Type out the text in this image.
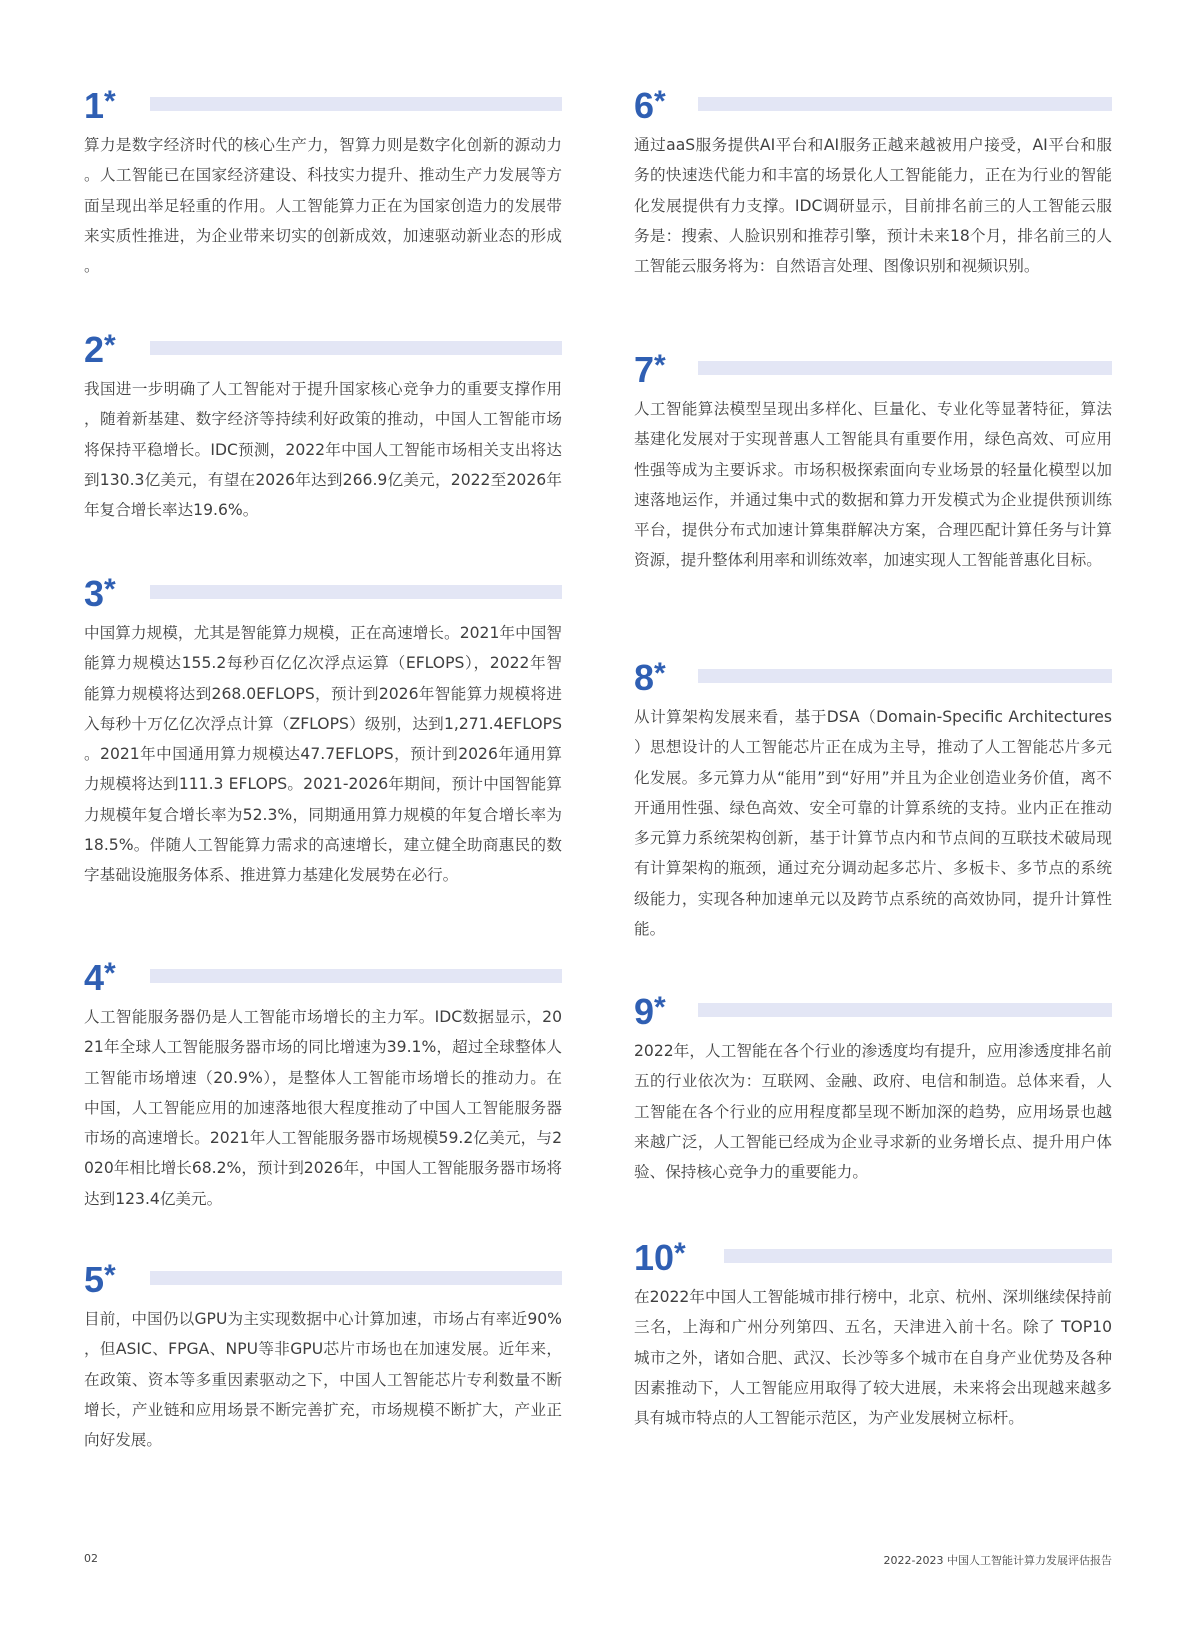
1*

算力是数字经济时代的核心生产力，智算力则是数字化创新的源动力。人工智能已在国家经济建设、科技实力提升、推动生产力发展等方面呈现出举足轻重的作用。人工智能算力正在为国家创造力的发展带来实质性推进，为企业带来切实的创新成效，加速驱动新业态的形成。

2*

我国进一步明确了人工智能对于提升国家核心竞争力的重要支撑作用，随着新基建、数字经济等持续利好政策的推动，中国人工智能市场将保持平稳增长。IDC预测，2022年中国人工智能市场相关支出将达到130.3亿美元，有望在2026年达到266.9亿美元，2022至2026年年复合增长率达19.6%。

3*

中国算力规模，尤其是智能算力规模，正在高速增长。2021年中国智能算力规模达155.2每秒百亿亿次浮点运算（EFLOPS），2022年智能算力规模将达到268.0EFLOPS，预计到2026年智能算力规模将进入每秒十万亿亿次浮点计算（ZFLOPS）级别，达到1,271.4EFLOPS。2021年中国通用算力规模达47.7EFLOPS，预计到2026年通用算力规模将达到111.3 EFLOPS。2021-2026年期间，预计中国智能算力规模年复合增长率为52.3%，同期通用算力规模的年复合增长率为18.5%。伴随人工智能算力需求的高速增长，建立健全助商惠民的数字基础设施服务体系、推进算力基建化发展势在必行。

4*

人工智能服务器仍是人工智能市场增长的主力军。IDC数据显示，2021年全球人工智能服务器市场的同比增速为39.1%，超过全球整体人工智能市场增速（20.9%），是整体人工智能市场增长的推动力。在中国，人工智能应用的加速落地很大程度推动了中国人工智能服务器市场的高速增长。2021年人工智能服务器市场规模59.2亿美元，与2020年相比增长68.2%，预计到2026年，中国人工智能服务器市场将达到123.4亿美元。

5*

目前，中国仍以GPU为主实现数据中心计算加速，市场占有率近90%，但ASIC、FPGA、NPU等非GPU芯片市场也在加速发展。近年来，在政策、资本等多重因素驱动之下，中国人工智能芯片专利数量不断增长，产业链和应用场景不断完善扩充，市场规模不断扩大，产业正向好发展。

6*

通过aaS服务提供AI平台和AI服务正越来越被用户接受，AI平台和服务的快速迭代能力和丰富的场景化人工智能能力，正在为行业的智能化发展提供有力支撑。IDC调研显示，目前排名前三的人工智能云服务是：搜索、人脸识别和推荐引擎，预计未来18个月，排名前三的人工智能云服务将为：自然语言处理、图像识别和视频识别。

7*

人工智能算法模型呈现出多样化、巨量化、专业化等显著特征，算法基建化发展对于实现普惠人工智能具有重要作用，绿色高效、可应用性强等成为主要诉求。市场积极探索面向专业场景的轻量化模型以加速落地运作，并通过集中式的数据和算力开发模式为企业提供预训练平台，提供分布式加速计算集群解决方案，合理匹配计算任务与计算资源，提升整体利用率和训练效率，加速实现人工智能普惠化目标。

8*

从计算架构发展来看，基于DSA（Domain-Specific Architectures）思想设计的人工智能芯片正在成为主导，推动了人工智能芯片多元化发展。多元算力从“能用”到“好用”并且为企业创造业务价值，离不开通用性强、绿色高效、安全可靠的计算系统的支持。业内正在推动多元算力系统架构创新，基于计算节点内和节点间的互联技术破局现有计算架构的瓶颈，通过充分调动起多芯片、多板卡、多节点的系统级能力，实现各种加速单元以及跨节点系统的高效协同，提升计算性能。

9*

2022年，人工智能在各个行业的渗透度均有提升，应用渗透度排名前五的行业依次为：互联网、金融、政府、电信和制造。总体来看，人工智能在各个行业的应用程度都呈现不断加深的趋势，应用场景也越来越广泛，人工智能已经成为企业寻求新的业务增长点、提升用户体验、保持核心竞争力的重要能力。

10*

在2022年中国人工智能城市排行榜中，北京、杭州、深圳继续保持前三名，上海和广州分列第四、五名，天津进入前十名。除了 TOP10 城市之外，诸如合肥、武汉、长沙等多个城市在自身产业优势及各种因素推动下，人工智能应用取得了较大进展，未来将会出现越来越多具有城市特点的人工智能示范区，为产业发展树立标杆。

02	2022-2023 中国人工智能计算力发展评估报告
